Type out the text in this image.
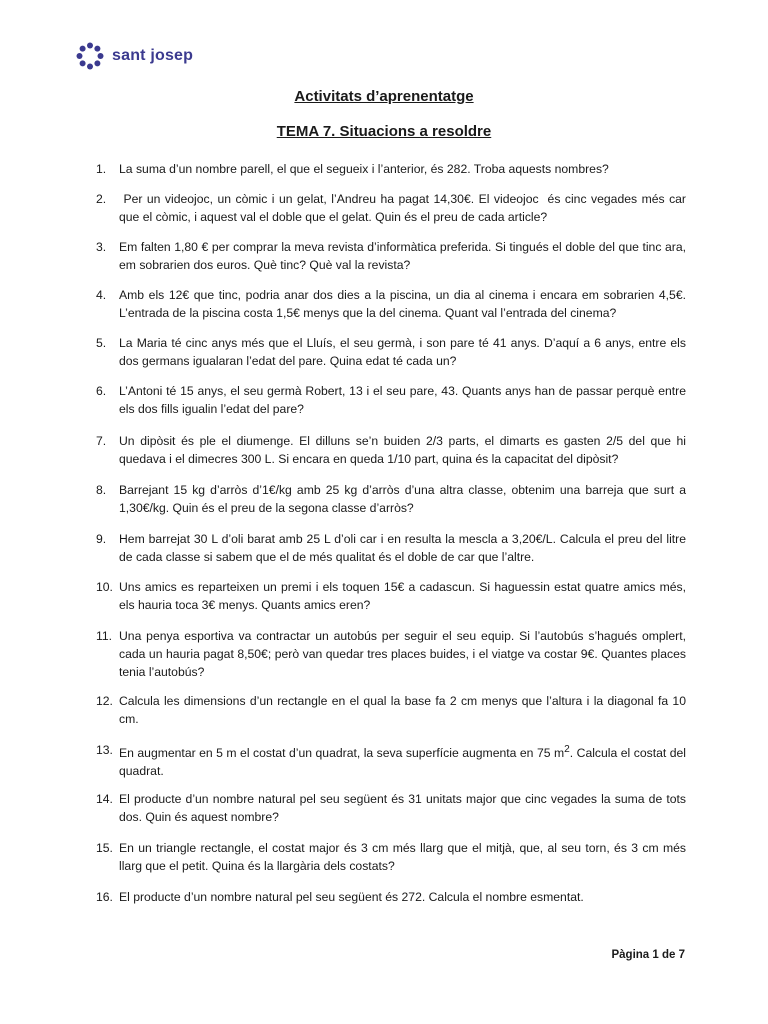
sant josep
Activitats d’aprenentatge
TEMA 7. Situacions a resoldre
1.	La suma d’un nombre parell, el que el segueix i l’anterior, és 282. Troba aquests nombres?
2.	Per un videojoc, un còmic i un gelat, l’Andreu ha pagat 14,30€. El videojoc  és cinc vegades més car que el còmic, i aquest val el doble que el gelat. Quin és el preu de cada article?
3.	Em falten 1,80 € per comprar la meva revista d’informàtica preferida. Si tingués el doble del que tinc ara, em sobrarien dos euros. Què tinc? Què val la revista?
4.	Amb els 12€ que tinc, podria anar dos dies a la piscina, un dia al cinema i encara em sobrarien 4,5€. L’entrada de la piscina costa 1,5€ menys que la del cinema. Quant val l’entrada del cinema?
5.	La Maria té cinc anys més que el Lluís, el seu germà, i son pare té 41 anys. D’aquí a 6 anys, entre els dos germans igualaran l’edat del pare. Quina edat té cada un?
6.	L’Antoni té 15 anys, el seu germà Robert, 13 i el seu pare, 43. Quants anys han de passar perquè entre els dos fills igualin l’edat del pare?
7.	Un dipòsit és ple el diumenge. El dilluns se’n buiden 2/3 parts, el dimarts es gasten 2/5 del que hi quedava i el dimecres 300 L. Si encara en queda 1/10 part, quina és la capacitat del dipòsit?
8.	Barrejant 15 kg d’arròs d’1€/kg amb 25 kg d’arròs d’una altra classe, obtenim una barreja que surt a 1,30€/kg. Quin és el preu de la segona classe d’arròs?
9.	Hem barrejat 30 L d’oli barat amb 25 L d’oli car i en resulta la mescla a 3,20€/L. Calcula el preu del litre de cada classe si sabem que el de més qualitat és el doble de car que l’altre.
10. Uns amics es reparteixen un premi i els toquen 15€ a cadascun. Si haguessin estat quatre amics més, els hauria toca 3€ menys. Quants amics eren?
11. Una penya esportiva va contractar un autobús per seguir el seu equip. Si l’autobús s’hagués omplert, cada un hauria pagat 8,50€; però van quedar tres places buides, i el viatge va costar 9€. Quantes places tenia l’autobús?
12. Calcula les dimensions d’un rectangle en el qual la base fa 2 cm menys que l’altura i la diagonal fa 10 cm.
13. En augmentar en 5 m el costat d’un quadrat, la seva superfície augmenta en 75 $m^2$. Calcula el costat del quadrat.
14. El producte d’un nombre natural pel seu següent és 31 unitats major que cinc vegades la suma de tots dos. Quin és aquest nombre?
15. En un triangle rectangle, el costat major és 3 cm més llarg que el mitjà, que, al seu torn, és 3 cm més llarg que el petit. Quina és la llargària dels costats?
16. El producte d’un nombre natural pel seu següent és 272. Calcula el nombre esmentat.
Pàgina 1 de 7
